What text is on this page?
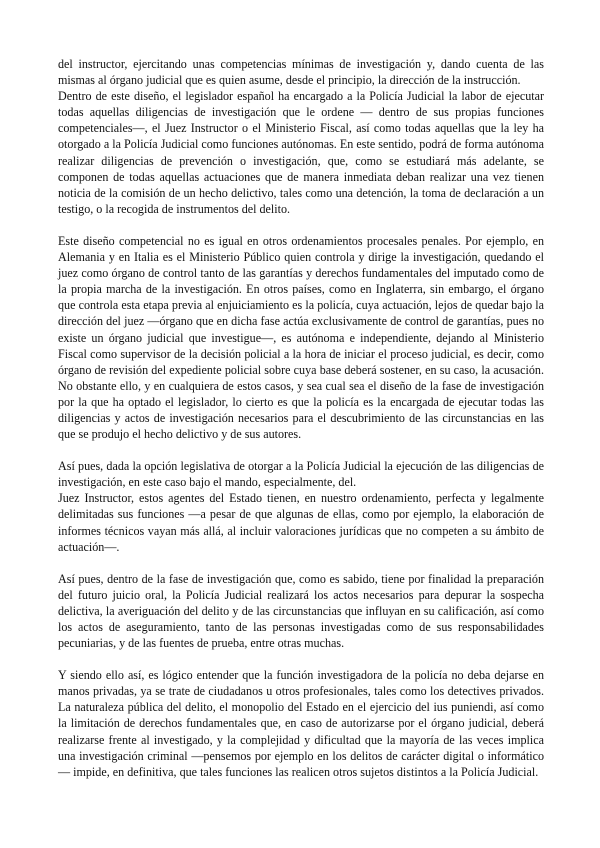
del instructor, ejercitando unas competencias mínimas de investigación y, dando cuenta de las mismas al órgano judicial que es quien asume, desde el principio, la dirección de la instrucción.

Dentro de este diseño, el legislador español ha encargado a la Policía Judicial la labor de ejecutar todas aquellas diligencias de investigación que le ordene — dentro de sus propias funciones competenciales—, el Juez Instructor o el Ministerio Fiscal, así como todas aquellas que la ley ha otorgado a la Policía Judicial como funciones autónomas. En este sentido, podrá de forma autónoma realizar diligencias de prevención o investigación, que, como se estudiará más adelante, se componen de todas aquellas actuaciones que de manera inmediata deban realizar una vez tienen noticia de la comisión de un hecho delictivo, tales como una detención, la toma de declaración a un testigo, o la recogida de instrumentos del delito.

Este diseño competencial no es igual en otros ordenamientos procesales penales. Por ejemplo, en Alemania y en Italia es el Ministerio Público quien controla y dirige la investigación, quedando el juez como órgano de control tanto de las garantías y derechos fundamentales del imputado como de la propia marcha de la investigación. En otros países, como en Inglaterra, sin embargo, el órgano que controla esta etapa previa al enjuiciamiento es la policía, cuya actuación, lejos de quedar bajo la dirección del juez —órgano que en dicha fase actúa exclusivamente de control de garantías, pues no existe un órgano judicial que investigue—, es autónoma e independiente, dejando al Ministerio Fiscal como supervisor de la decisión policial a la hora de iniciar el proceso judicial, es decir, como órgano de revisión del expediente policial sobre cuya base deberá sostener, en su caso, la acusación. No obstante ello, y en cualquiera de estos casos, y sea cual sea el diseño de la fase de investigación por la que ha optado el legislador, lo cierto es que la policía es la encargada de ejecutar todas las diligencias y actos de investigación necesarios para el descubrimiento de las circunstancias en las que se produjo el hecho delictivo y de sus autores.

Así pues, dada la opción legislativa de otorgar a la Policía Judicial la ejecución de las diligencias de investigación, en este caso bajo el mando, especialmente, del.

Juez Instructor, estos agentes del Estado tienen, en nuestro ordenamiento, perfecta y legalmente delimitadas sus funciones —a pesar de que algunas de ellas, como por ejemplo, la elaboración de informes técnicos vayan más allá, al incluir valoraciones jurídicas que no competen a su ámbito de actuación—.

Así pues, dentro de la fase de investigación que, como es sabido, tiene por finalidad la preparación del futuro juicio oral, la Policía Judicial realizará los actos necesarios para depurar la sospecha delictiva, la averiguación del delito y de las circunstancias que influyan en su calificación, así como los actos de aseguramiento, tanto de las personas investigadas como de sus responsabilidades pecuniarias, y de las fuentes de prueba, entre otras muchas.

Y siendo ello así, es lógico entender que la función investigadora de la policía no deba dejarse en manos privadas, ya se trate de ciudadanos u otros profesionales, tales como los detectives privados. La naturaleza pública del delito, el monopolio del Estado en el ejercicio del ius puniendi, así como la limitación de derechos fundamentales que, en caso de autorizarse por el órgano judicial, deberá realizarse frente al investigado, y la complejidad y dificultad que la mayoría de las veces implica una investigación criminal —pensemos por ejemplo en los delitos de carácter digital o informático— impide, en definitiva, que tales funciones las realicen otros sujetos distintos a la Policía Judicial.
